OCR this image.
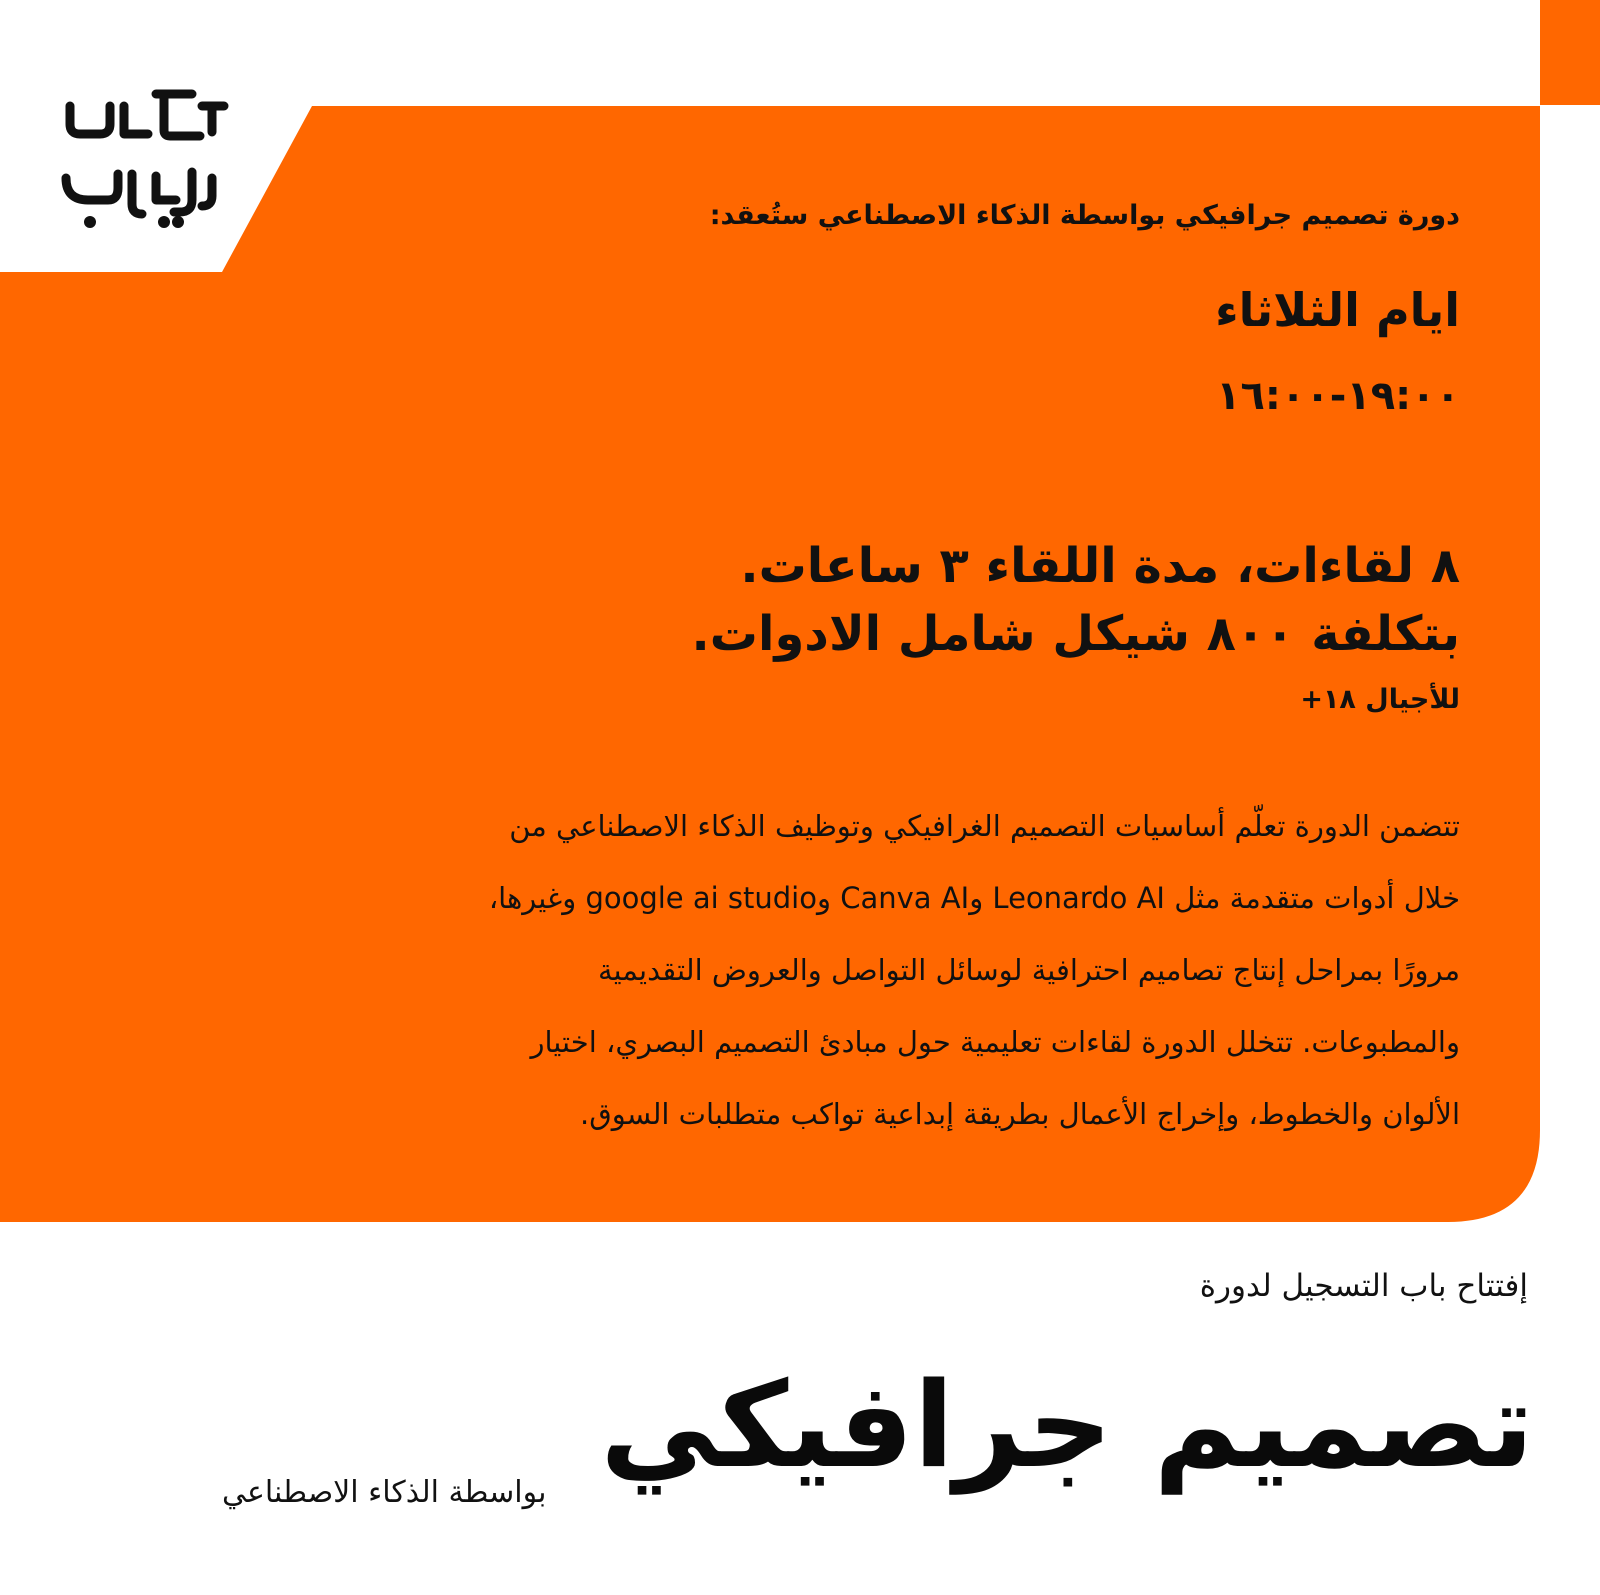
دورة تصميم جرافيكي بواسطة الذكاء الاصطناعي ستُعقد:
ايام الثلاثاء
١٩:٠٠-١٦:٠٠
٨ لقاءات، مدة اللقاء ٣ ساعات.
بتكلفة ٨٠٠ شيكل شامل الادوات.
للأجيال ١٨+
تتضمن الدورة تعلّم أساسيات التصميم الغرافيكي وتوظيف الذكاء الاصطناعي من
خلال أدوات متقدمة مثل Leonardo AI وCanva AI وgoogle ai studio وغيرها،
مرورًا بمراحل إنتاج تصاميم احترافية لوسائل التواصل والعروض التقديمية
والمطبوعات. تتخلل الدورة لقاءات تعليمية حول مبادئ التصميم البصري، اختيار
الألوان والخطوط، وإخراج الأعمال بطريقة إبداعية تواكب متطلبات السوق.
إفتتاح باب التسجيل لدورة
تصميم جرافيكي
بواسطة الذكاء الاصطناعي
